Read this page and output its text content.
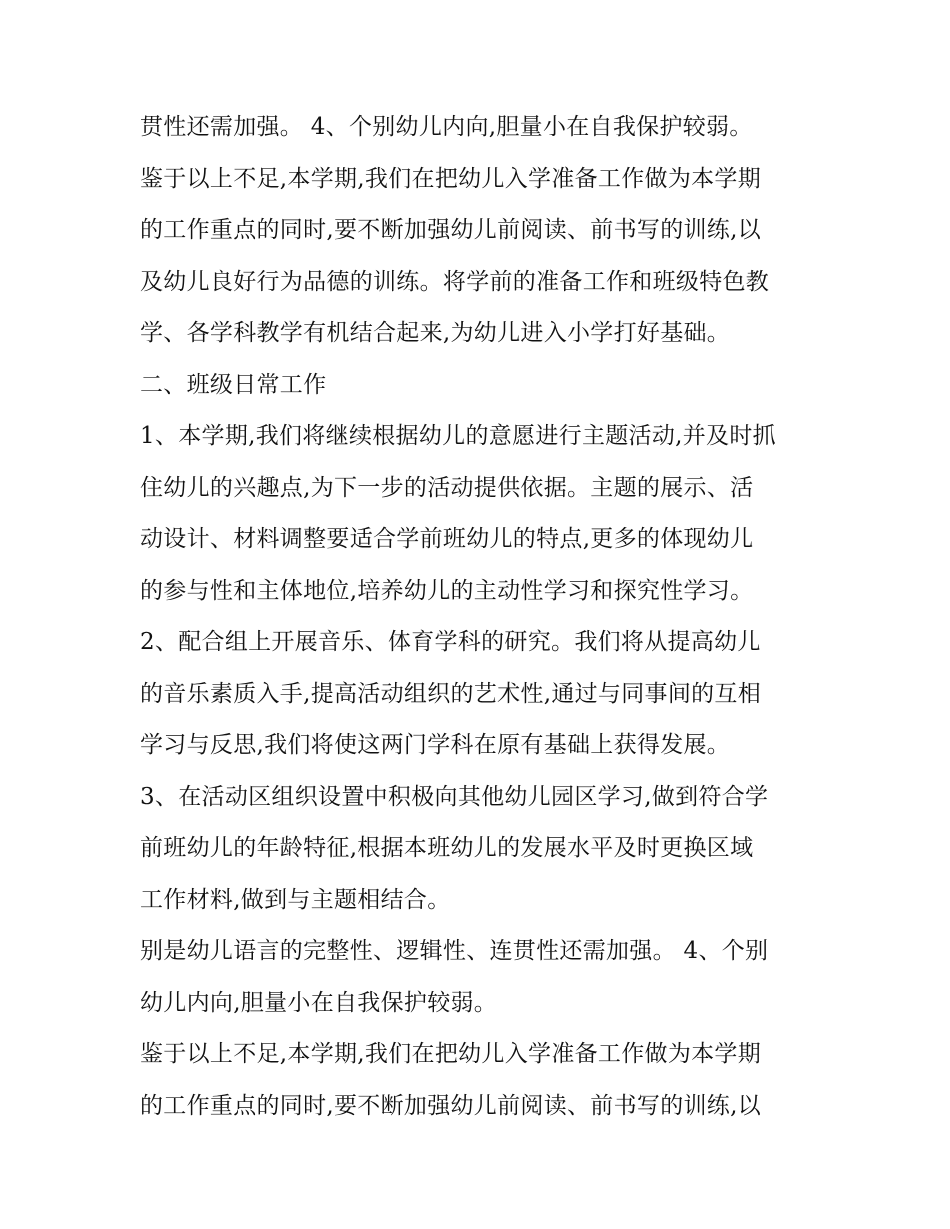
贯性还需加强。 4、个别幼儿内向,胆量小在自我保护较弱。

鉴于以上不足,本学期,我们在把幼儿入学准备工作做为本学期

的工作重点的同时,要不断加强幼儿前阅读、前书写的训练,以

及幼儿良好行为品德的训练。将学前的准备工作和班级特色教

学、各学科教学有机结合起来,为幼儿进入小学打好基础。

二、班级日常工作

1、本学期,我们将继续根据幼儿的意愿进行主题活动,并及时抓

住幼儿的兴趣点,为下一步的活动提供依据。主题的展示、活

动设计、材料调整要适合学前班幼儿的特点,更多的体现幼儿

的参与性和主体地位,培养幼儿的主动性学习和探究性学习。

2、配合组上开展音乐、体育学科的研究。我们将从提高幼儿

的音乐素质入手,提高活动组织的艺术性,通过与同事间的互相

学习与反思,我们将使这两门学科在原有基础上获得发展。

3、在活动区组织设置中积极向其他幼儿园区学习,做到符合学

前班幼儿的年龄特征,根据本班幼儿的发展水平及时更换区域

工作材料,做到与主题相结合。

别是幼儿语言的完整性、逻辑性、连贯性还需加强。 4、个别

幼儿内向,胆量小在自我保护较弱。

鉴于以上不足,本学期,我们在把幼儿入学准备工作做为本学期

的工作重点的同时,要不断加强幼儿前阅读、前书写的训练,以
